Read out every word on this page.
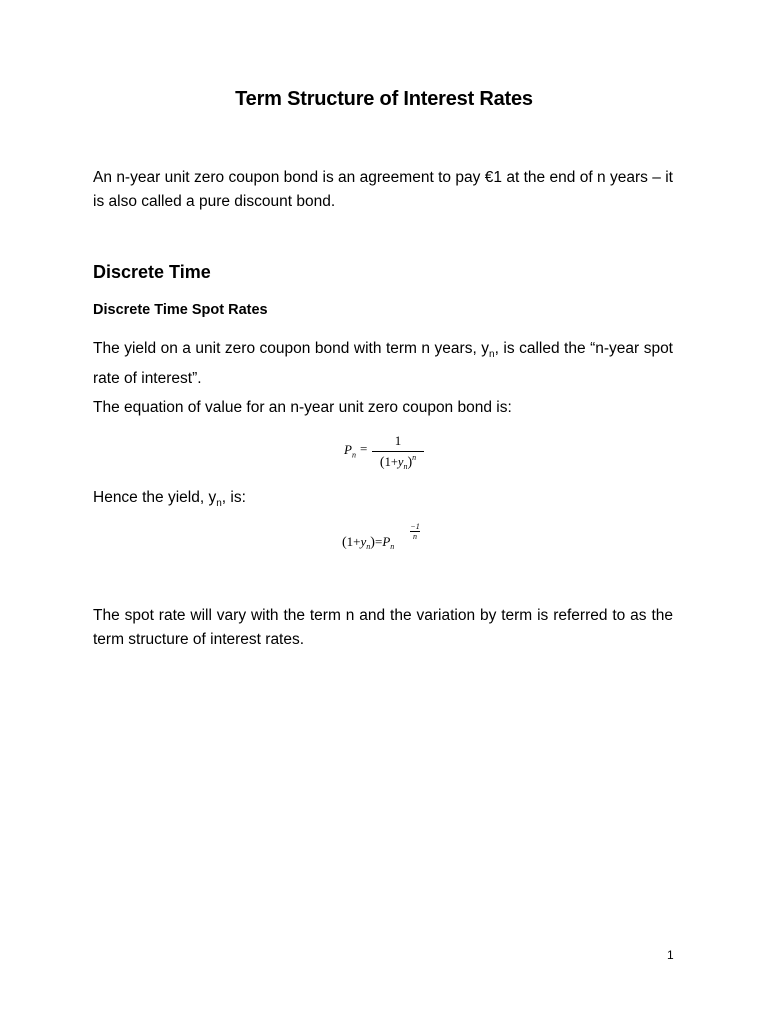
Term Structure of Interest Rates
An n-year unit zero coupon bond is an agreement to pay €1 at the end of n years – it is also called a pure discount bond.
Discrete Time
Discrete Time Spot Rates
The yield on a unit zero coupon bond with term n years, $y_n$, is called the “n-year spot rate of interest”.
The equation of value for an n-year unit zero coupon bond is:
$P_n$ =
1
$(1+y_n)^n$
Hence the yield, $y_n$, is:
$(1+y_n)=P_n$
−1
n
The spot rate will vary with the term n and the variation by term is referred to as the term structure of interest rates.
1
